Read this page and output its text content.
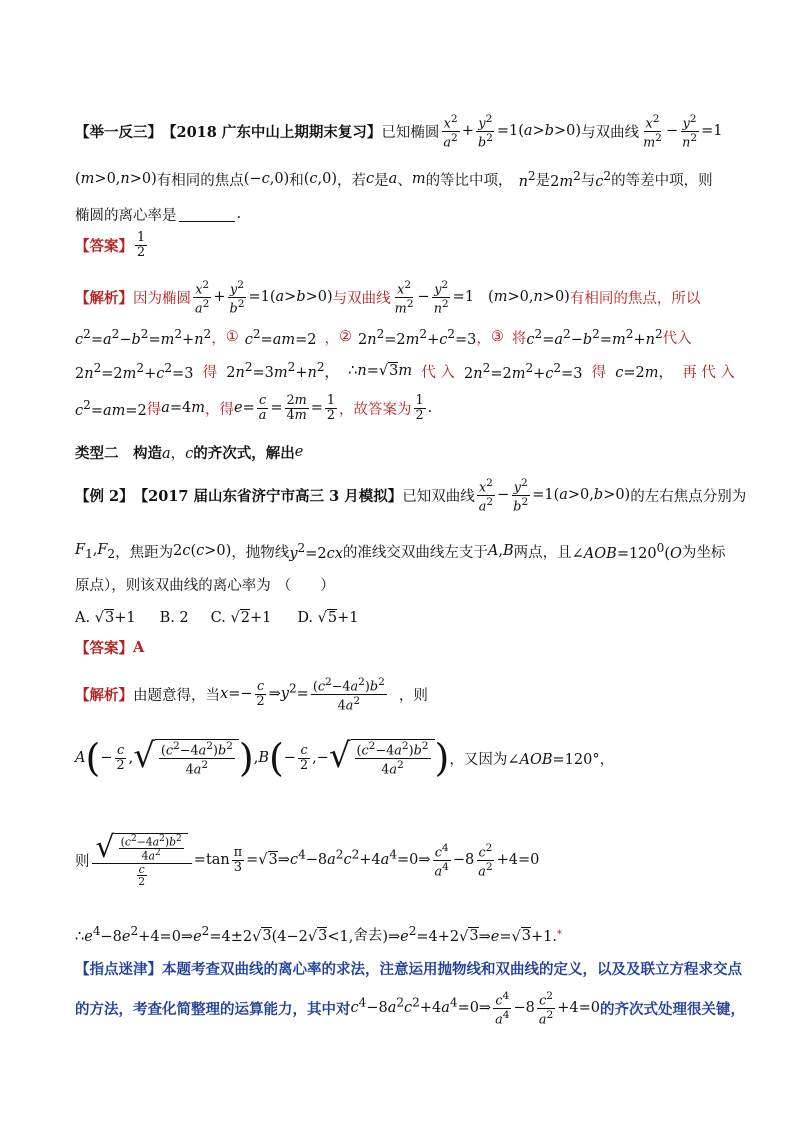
【举一反三】 【2018 广东中山上期期末复习】 已知椭圆 $\frac{x^2}{a^2} + \frac{y^2}{b^2} =1(a>b>0)$ 与双曲线 $\frac{x^2}{m^2} - \frac{y^2}{n^2} =1$
(m>0,n>0) 有相同的焦点 (−c,0) 和 (c,0) ，若 c 是 a 、 m 的等比中项， $n^2$ 是 $2m^2$ 与 $c^2$ 的等差中项，则
椭圆的离心率是	.
【答案】 $\frac{1}{2}$
【解析】 因为椭圆 $\frac{x^2}{a^2} + \frac{y^2}{b^2} =1(a>b>0)$ 与双曲线 $\frac{x^2}{m^2} - \frac{y^2}{n^2} =1$ (m>0,n>0) 有相同的焦点，所以
$c^2=a^2-b^2=m^2+n^2$ ， ① $c^2=am=2$ ， ② $2n^2=2m^2+c^2=3$ ， ③ 将 $c^2=a^2-b^2=m^2+n^2$ 代入
$2n^2=2m^2+c^2=3$ 得 $2n^2=3m^2+n^2$， ∴n=√3m 代 入 $2n^2=2m^2+c^2=3$ 得 c=2m， 再 代 入
$c^2=am=2$ 得 a=4m ，得 $e= \frac{c}{a} = \frac{2m}{4m} = \frac{1}{2}$ ，故答案为 $\frac{1}{2}$ .
类型二　构造 a，c 的齐次式，解出 e
【例 2】 【2017 届山东省济宁市高三 3 月模拟】 已知双曲线 $\frac{x^2}{a^2} - \frac{y^2}{b^2} =1(a>0,b>0)$ 的左右焦点分别为
$F_1,F_2$ ，焦距为 2c(c>0) ，抛物线 $y^2=2cx$ 的准线交双曲线左支于 A,B 两点，且 $\angle AOB=120^0(O$ 为坐标
原点），则该双曲线的离心率为 （　　）
A. √3+1 B. 2 C. √2+1 D. √5+1
【答案】 A
【解析】 由题意得，当 $x=- \frac{c}{2}$ $\Rightarrow y^2= \frac{(c^2-4a^2)b^2}{4a^2}$ ，则
A ( − $\frac{c}{2}$ , √ $\frac{(c^2-4a^2)b^2}{4a^2}$ ) , B ( − $\frac{c}{2}$ ,− √ $\frac{(c^2-4a^2)b^2}{4a^2}$ ) ，又因为 ∠AOB=120°，
则 $\frac{√ \frac{(c^2-4a^2)b^2}{4a^2}}{\frac{c}{2}} =\tan \frac{\pi}{3}$ $=√3\Rightarrow c^4-8a^2c^2+4a^4=0\Rightarrow \frac{c^4}{a^4} -8 \frac{c^2}{a^2} +4=0$
$\therefore e^4-8e^2+4=0\Rightarrow e^2=4\pm 2√3(4-2√3<1$, 舍去 )$\Rightarrow e^2=4+2√3\Rightarrow e=√3+1$. *
【指点迷津】 本题考查双曲线的离心率的求法，注意运用抛物线和双曲线的定义，以及及联立方程求交点
的方法，考查化简整理的运算能力，其中对 $c^4-8a^2c^2+4a^4=0\Rightarrow \frac{c^4}{a^4} -8 \frac{c^2}{a^2} +4=0$ 的齐次式处理很关键，
